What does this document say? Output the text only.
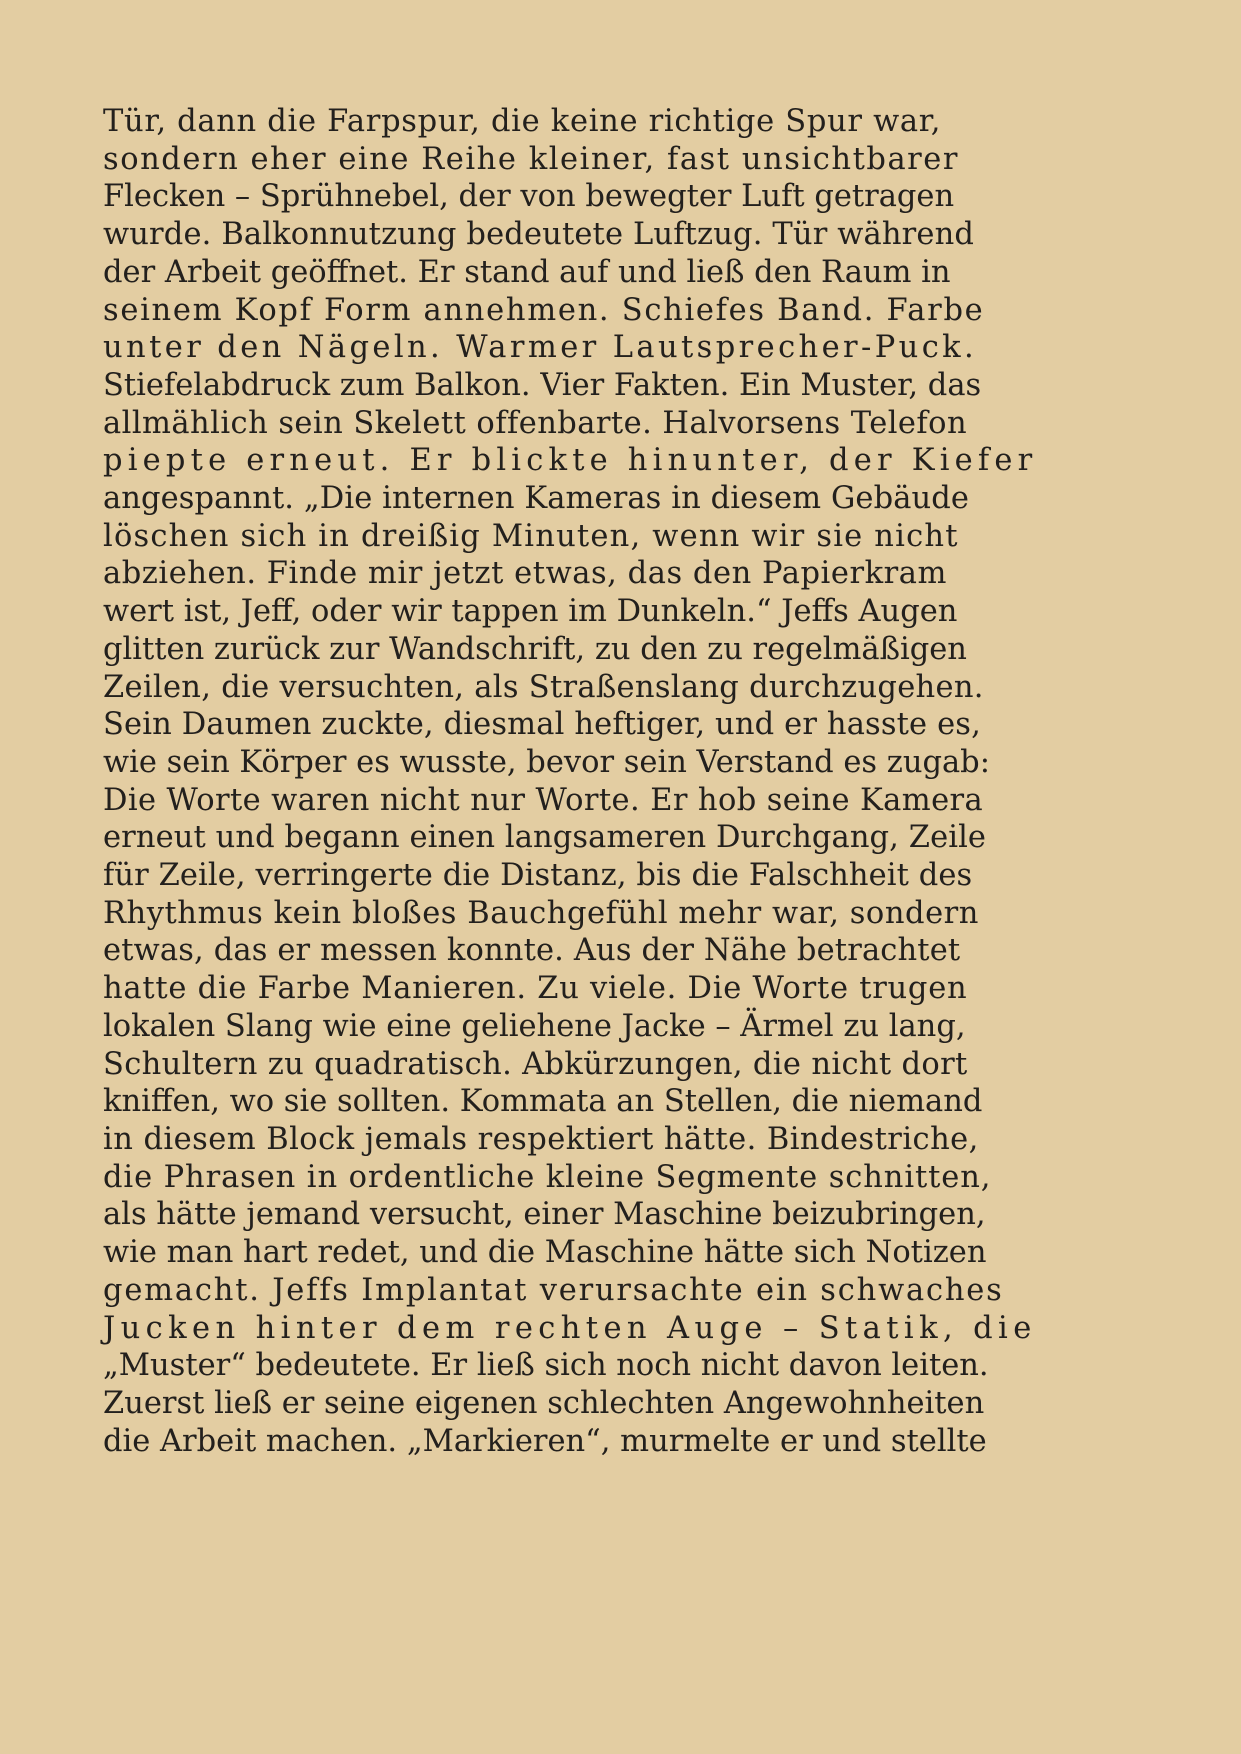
Tür, dann die Farpspur, die keine richtige Spur war,
sondern eher eine Reihe kleiner, fast unsichtbarer
Flecken – Sprühnebel, der von bewegter Luft getragen
wurde. Balkonnutzung bedeutete Luftzug. Tür während
der Arbeit geöffnet. Er stand auf und ließ den Raum in
seinem Kopf Form annehmen. Schiefes Band. Farbe
unter den Nägeln. Warmer Lautsprecher-Puck.
Stiefelabdruck zum Balkon. Vier Fakten. Ein Muster, das
allmählich sein Skelett offenbarte. Halvorsens Telefon
piepte erneut. Er blickte hinunter, der Kiefer
angespannt. „Die internen Kameras in diesem Gebäude
löschen sich in dreißig Minuten, wenn wir sie nicht
abziehen. Finde mir jetzt etwas, das den Papierkram
wert ist, Jeff, oder wir tappen im Dunkeln.“ Jeffs Augen
glitten zurück zur Wandschrift, zu den zu regelmäßigen
Zeilen, die versuchten, als Straßenslang durchzugehen.
Sein Daumen zuckte, diesmal heftiger, und er hasste es,
wie sein Körper es wusste, bevor sein Verstand es zugab:
Die Worte waren nicht nur Worte. Er hob seine Kamera
erneut und begann einen langsameren Durchgang, Zeile
für Zeile, verringerte die Distanz, bis die Falschheit des
Rhythmus kein bloßes Bauchgefühl mehr war, sondern
etwas, das er messen konnte. Aus der Nähe betrachtet
hatte die Farbe Manieren. Zu viele. Die Worte trugen
lokalen Slang wie eine geliehene Jacke – Ärmel zu lang,
Schultern zu quadratisch. Abkürzungen, die nicht dort
kniffen, wo sie sollten. Kommata an Stellen, die niemand
in diesem Block jemals respektiert hätte. Bindestriche,
die Phrasen in ordentliche kleine Segmente schnitten,
als hätte jemand versucht, einer Maschine beizubringen,
wie man hart redet, und die Maschine hätte sich Notizen
gemacht. Jeffs Implantat verursachte ein schwaches
Jucken hinter dem rechten Auge – Statik, die
„Muster“ bedeutete. Er ließ sich noch nicht davon leiten.
Zuerst ließ er seine eigenen schlechten Angewohnheiten
die Arbeit machen. „Markieren“, murmelte er und stellte
